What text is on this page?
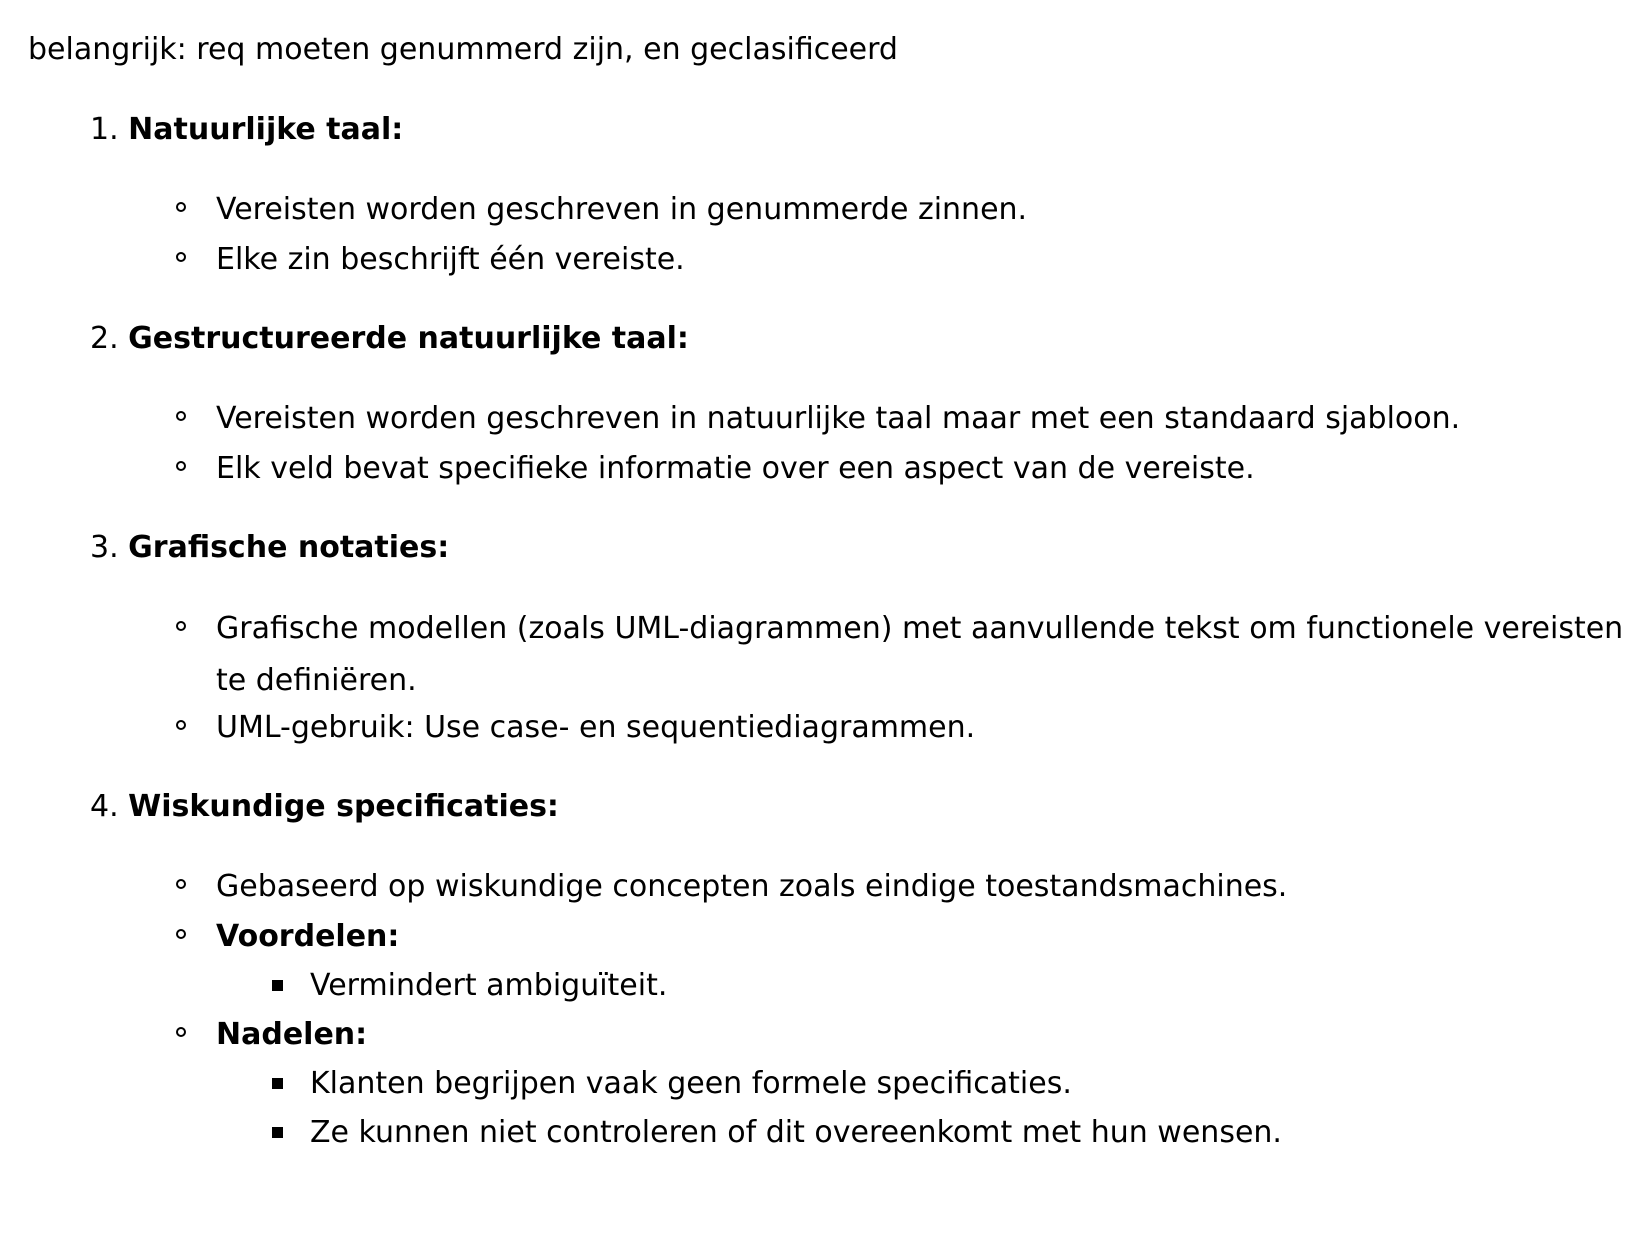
belangrijk: req moeten genummerd zijn, en geclasificeerd
1. Natuurlijke taal:
Vereisten worden geschreven in genummerde zinnen.
Elke zin beschrijft één vereiste.
2. Gestructureerde natuurlijke taal:
Vereisten worden geschreven in natuurlijke taal maar met een standaard sjabloon.
Elk veld bevat specifieke informatie over een aspect van de vereiste.
3. Grafische notaties:
Grafische modellen (zoals UML-diagrammen) met aanvullende tekst om functionele vereisten te definiëren.
UML-gebruik: Use case- en sequentiediagrammen.
4. Wiskundige specificaties:
Gebaseerd op wiskundige concepten zoals eindige toestandsmachines.
Voordelen:
Vermindert ambiguïteit.
Nadelen:
Klanten begrijpen vaak geen formele specificaties.
Ze kunnen niet controleren of dit overeenkomt met hun wensen.
